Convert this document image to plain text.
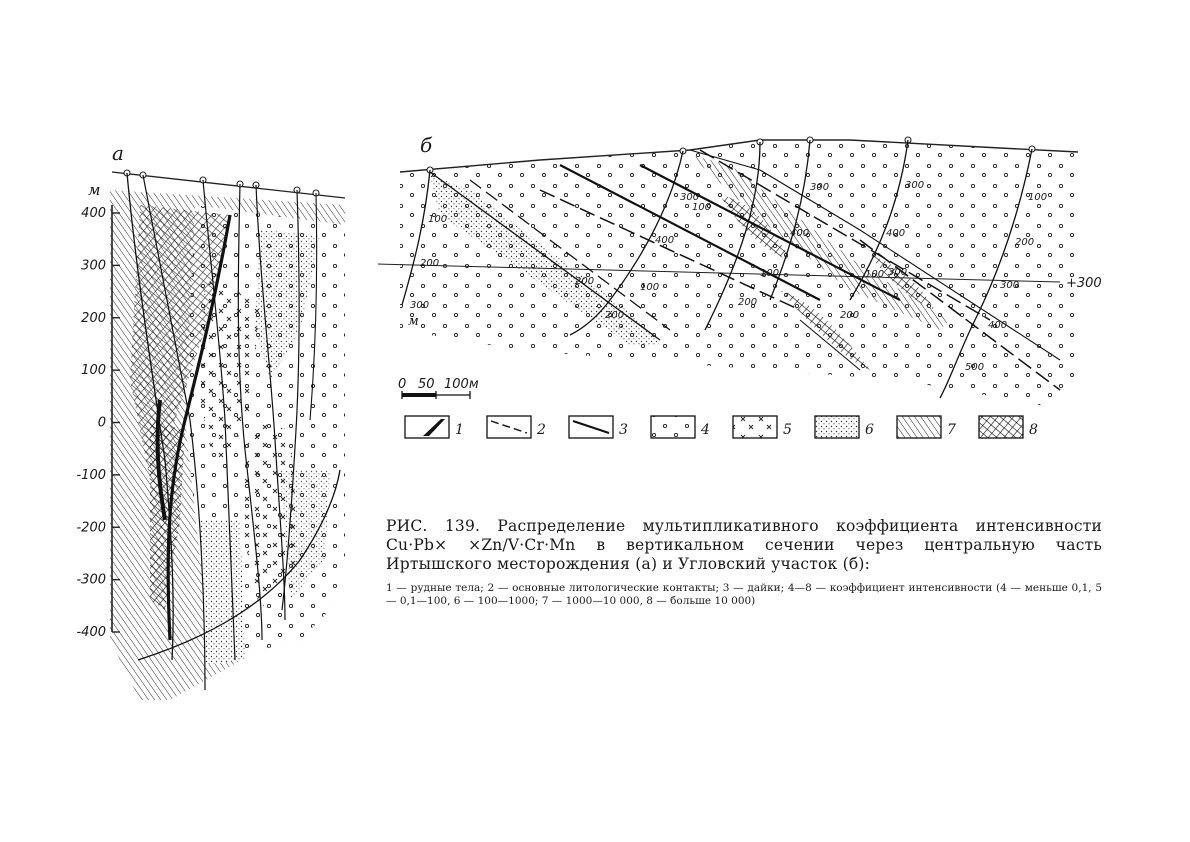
а
м
400
300
200
100
0
-100
-200
-300
-400
б
100
200
300
м
+300
100
200
300
400
100
200
300
400
100
200
300
400
100
200
300
400
500
100
200
300
0 50 100м
1	2	3	4	5	6	7	8

РИС. 139. Распределение мультипликативного коэффициента интенсивности Cu·Pb× ×Zn/V·Cr·Mn в вертикальном сечении через центральную часть Иртышского месторождения (а) и Угловский участок (б):

1 — рудные тела; 2 — основные литологические контакты; 3 — дайки; 4—8 — коэффициент интенсивности (4 — меньше 0,1, 5 — 0,1—100, 6 — 100—1000; 7 — 1000—10 000, 8 — больше 10 000)
